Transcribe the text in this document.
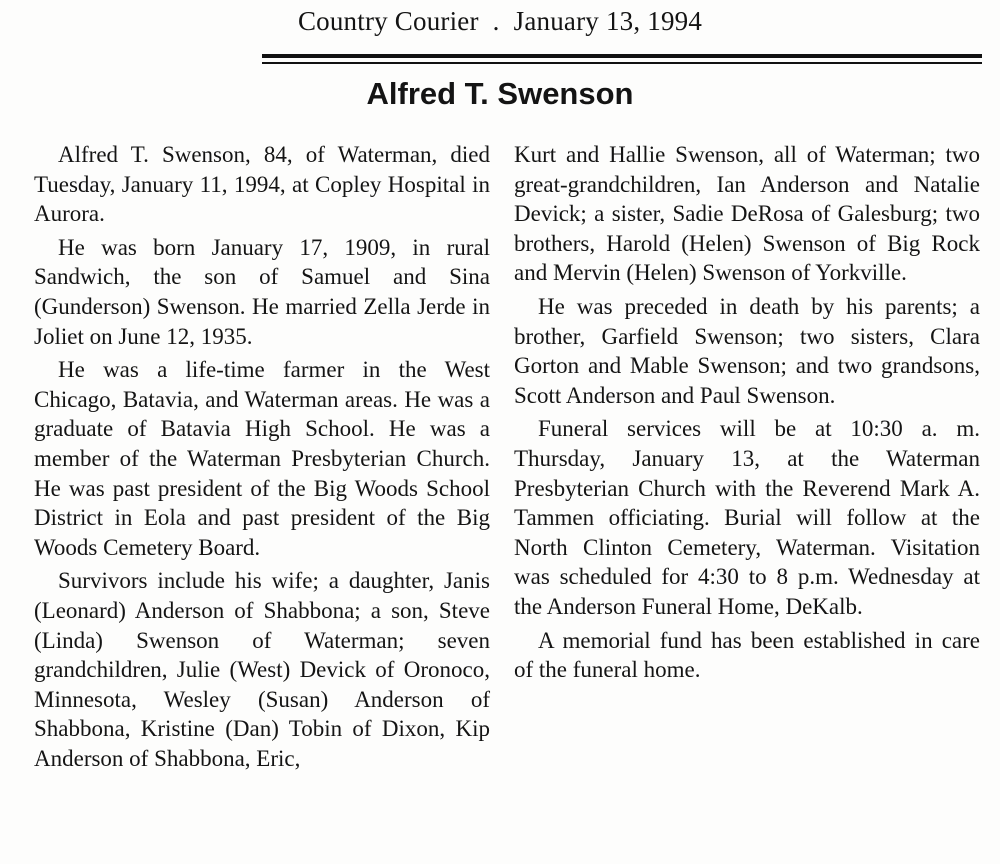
Country Courier . January 13, 1994
Alfred T. Swenson

Alfred T. Swenson, 84, of Waterman, died Tuesday, January 11, 1994, at Copley Hospital in Aurora.

He was born January 17, 1909, in rural Sandwich, the son of Samuel and Sina (Gunderson) Swenson. He married Zella Jerde in Joliet on June 12, 1935.

He was a life-time farmer in the West Chicago, Batavia, and Waterman areas. He was a graduate of Batavia High School. He was a member of the Waterman Presbyterian Church. He was past president of the Big Woods School District in Eola and past president of the Big Woods Cemetery Board.

Survivors include his wife; a daughter, Janis (Leonard) Anderson of Shabbona; a son, Steve (Linda) Swenson of Waterman; seven grandchildren, Julie (West) Devick of Oronoco, Minnesota, Wesley (Susan) Anderson of Shabbona, Kristine (Dan) Tobin of Dixon, Kip Anderson of Shabbona, Eric,

Kurt and Hallie Swenson, all of Waterman; two great-grandchildren, Ian Anderson and Natalie Devick; a sister, Sadie DeRosa of Galesburg; two brothers, Harold (Helen) Swenson of Big Rock and Mervin (Helen) Swenson of Yorkville.

He was preceded in death by his parents; a brother, Garfield Swenson; two sisters, Clara Gorton and Mable Swenson; and two grandsons, Scott Anderson and Paul Swenson.

Funeral services will be at 10:30 a. m. Thursday, January 13, at the Waterman Presbyterian Church with the Reverend Mark A. Tammen officiating. Burial will follow at the North Clinton Cemetery, Waterman. Visitation was scheduled for 4:30 to 8 p.m. Wednesday at the Anderson Funeral Home, DeKalb.

A memorial fund has been established in care of the funeral home.
